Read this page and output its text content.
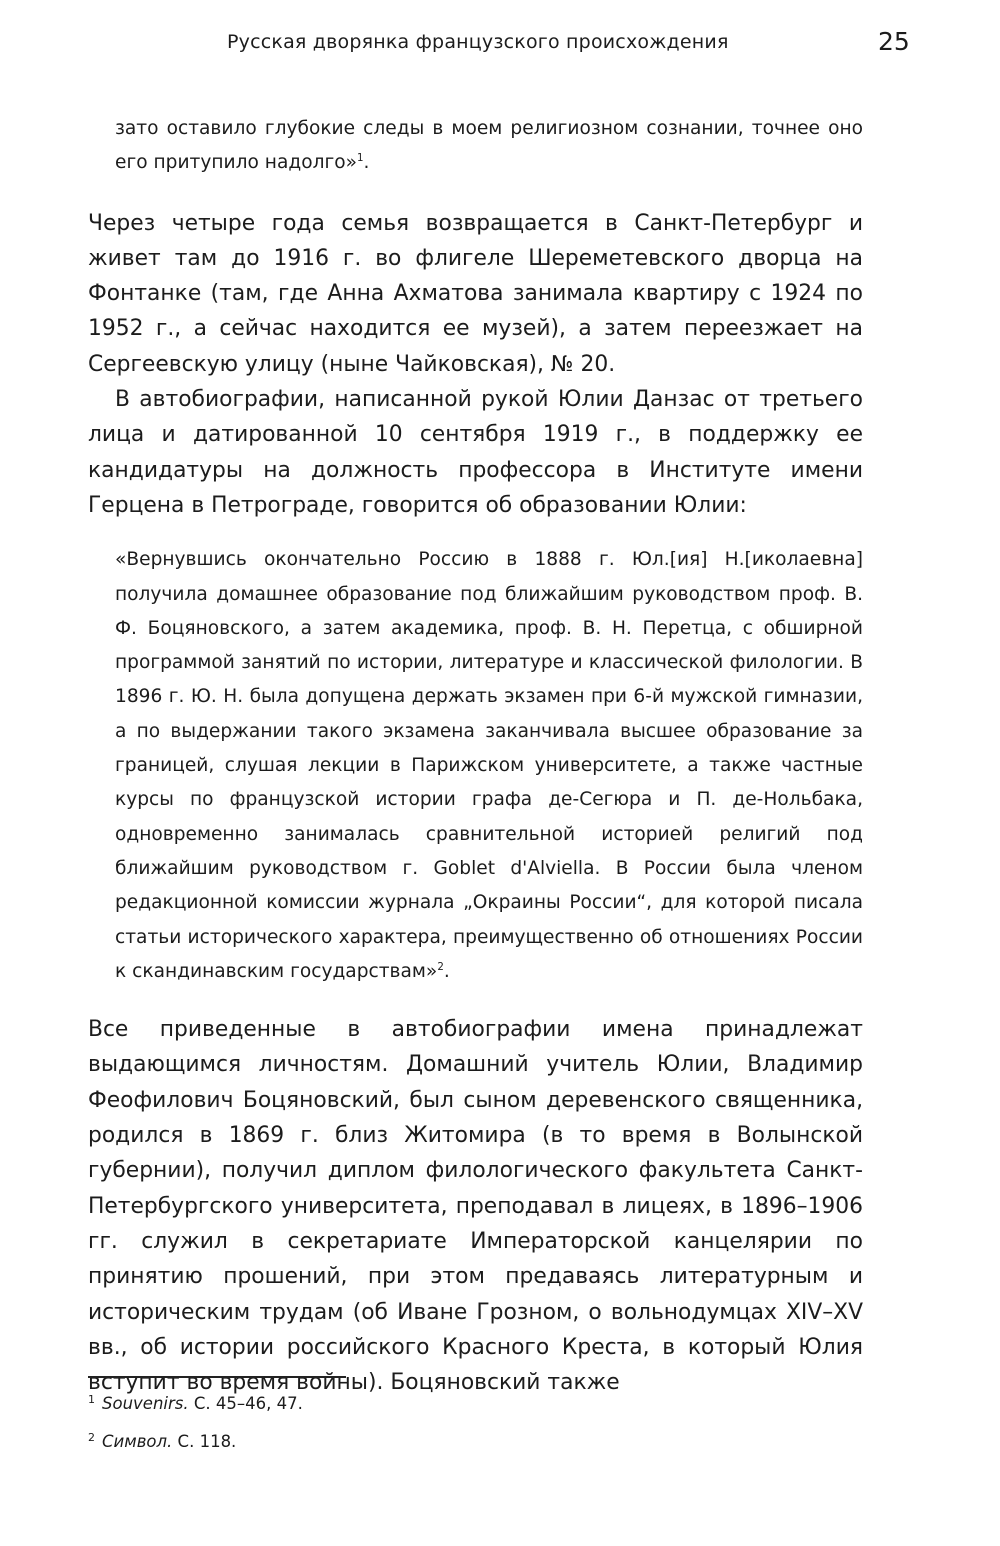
Русская дворянка французского происхождения	25

зато оставило глубокие следы в моем религиозном сознании, точнее оно его притупило надолго»$^1$.

Через четыре года семья возвращается в Санкт-Петербург и живет там до 1916 г. во флигеле Шереметевского дворца на Фонтанке (там, где Анна Ахматова занимала квартиру с 1924 по 1952 г., а сейчас находится ее музей), а затем переезжает на Сергеевскую улицу (ныне Чайковская), № 20.

В автобиографии, написанной рукой Юлии Данзас от третьего лица и датированной 10 сентября 1919 г., в поддержку ее кандидатуры на должность профессора в Институте имени Герцена в Петрограде, говорится об образовании Юлии:

«Вернувшись окончательно Россию в 1888 г. Юл.[ия] Н.[иколаевна] получила домашнее образование под ближайшим руководством проф. В. Ф. Боцяновского, а затем академика, проф. В. Н. Перетца, с обширной программой занятий по истории, литературе и классической филологии. В 1896 г. Ю. Н. была допущена держать экзамен при 6-й мужской гимназии, а по выдержании такого экзамена заканчивала высшее образование за границей, слушая лекции в Парижском университете, а также частные курсы по французской истории графа де-Сегюра и П. де-Нольбака, одновременно занималась сравнительной историей религий под ближайшим руководством г. Goblet d'Alviella. В России была членом редакционной комиссии журнала „Окраины России“, для которой писала статьи исторического характера, преимущественно об отношениях России к скандинавским государствам»$^2$.

Все приведенные в автобиографии имена принадлежат выдающимся личностям. Домашний учитель Юлии, Владимир Феофилович Боцяновский, был сыном деревенского священника, родился в 1869 г. близ Житомира (в то время в Волынской губернии), получил диплом филологического факультета Санкт-Петербургского университета, преподавал в лицеях, в 1896–1906 гг. служил в секретариате Императорской канцелярии по принятию прошений, при этом предаваясь литературным и историческим трудам (об Иване Грозном, о вольнодумцах XIV–XV вв., об истории российского Красного Креста, в который Юлия вступит во время войны). Боцяновский также

1 Souvenirs. С. 45–46, 47.

2 Символ. С. 118.
